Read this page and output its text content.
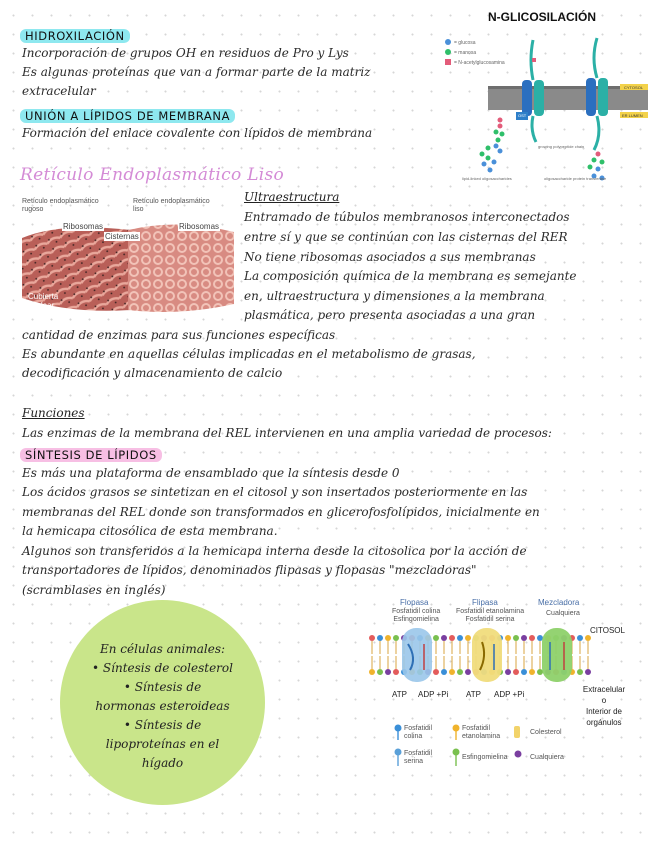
HIDROXILACIÓN
Incorporación de grupos OH en residuos de Pro y Lys
Es algunas proteínas que van a formar parte de la matriz
extracelular
UNIÓN A LÍPIDOS DE MEMBRANA
Formación del enlace covalente con lípidos de membrana
N-GLICOSILACIÓN
= glucosa
= manosa
= N-acetylglucosamina
CYTOSOL
ER LUMEN
growing polypeptide chain
lipid-linked oligosaccharides	oligosaccharide protein transferase
OST
Retículo Endoplasmático Liso
Retículo endoplasmático
rugoso
Retículo endoplasmático
liso
Ribosomas
Cisternas
Ribosomas
Cubierta
nuclear
Ultraestructura
Entramado de túbulos membranosos interconectados
entre sí y que se continúan con las cisternas del RER
No tiene ribosomas asociados a sus membranas
La composición química de la membrana es semejante
en, ultraestructura y dimensiones a la membrana
plasmática, pero presenta asociadas a una gran
cantidad de enzimas para sus funciones específicas
Es abundante en aquellas células implicadas en el metabolismo de grasas,
decodificación y almacenamiento de calcio
Funciones
Las enzimas de la membrana del REL intervienen en una amplia variedad de procesos:
SÍNTESIS DE LÍPIDOS
Es más una plataforma de ensamblado que la síntesis desde 0
Los ácidos grasos se sintetizan en el citosol y son insertados posteriormente en las
membranas del REL donde son transformados en glicerofosfolípidos, inicialmente en
la hemicapa citosólica de esta membrana.
Algunos son transferidos a la hemicapa interna desde la citosolica por la acción de
transportadores de lípidos, denominados flipasas y flopasas "mezcladoras"
(scramblases en inglés)
En células animales:
• Síntesis de colesterol
• Síntesis de
hormonas esteroideas
• Síntesis de
lipoproteínas en el
hígado
Flopasa
Fosfatidil colina
Esfingomielina
Flipasa
Fosfatidil etanolamina
Fosfatidil serina
Mezcladora
Cualquiera
CITOSOL
ATP ADP +Pi ATP ADP +Pi
Extracelular
o
Interior de
orgánulos
Fosfatidil
colina
Fosfatidil
etanolamina
Colesterol
Fosfatidil
serina
Esfingomielina	Cualquiera
